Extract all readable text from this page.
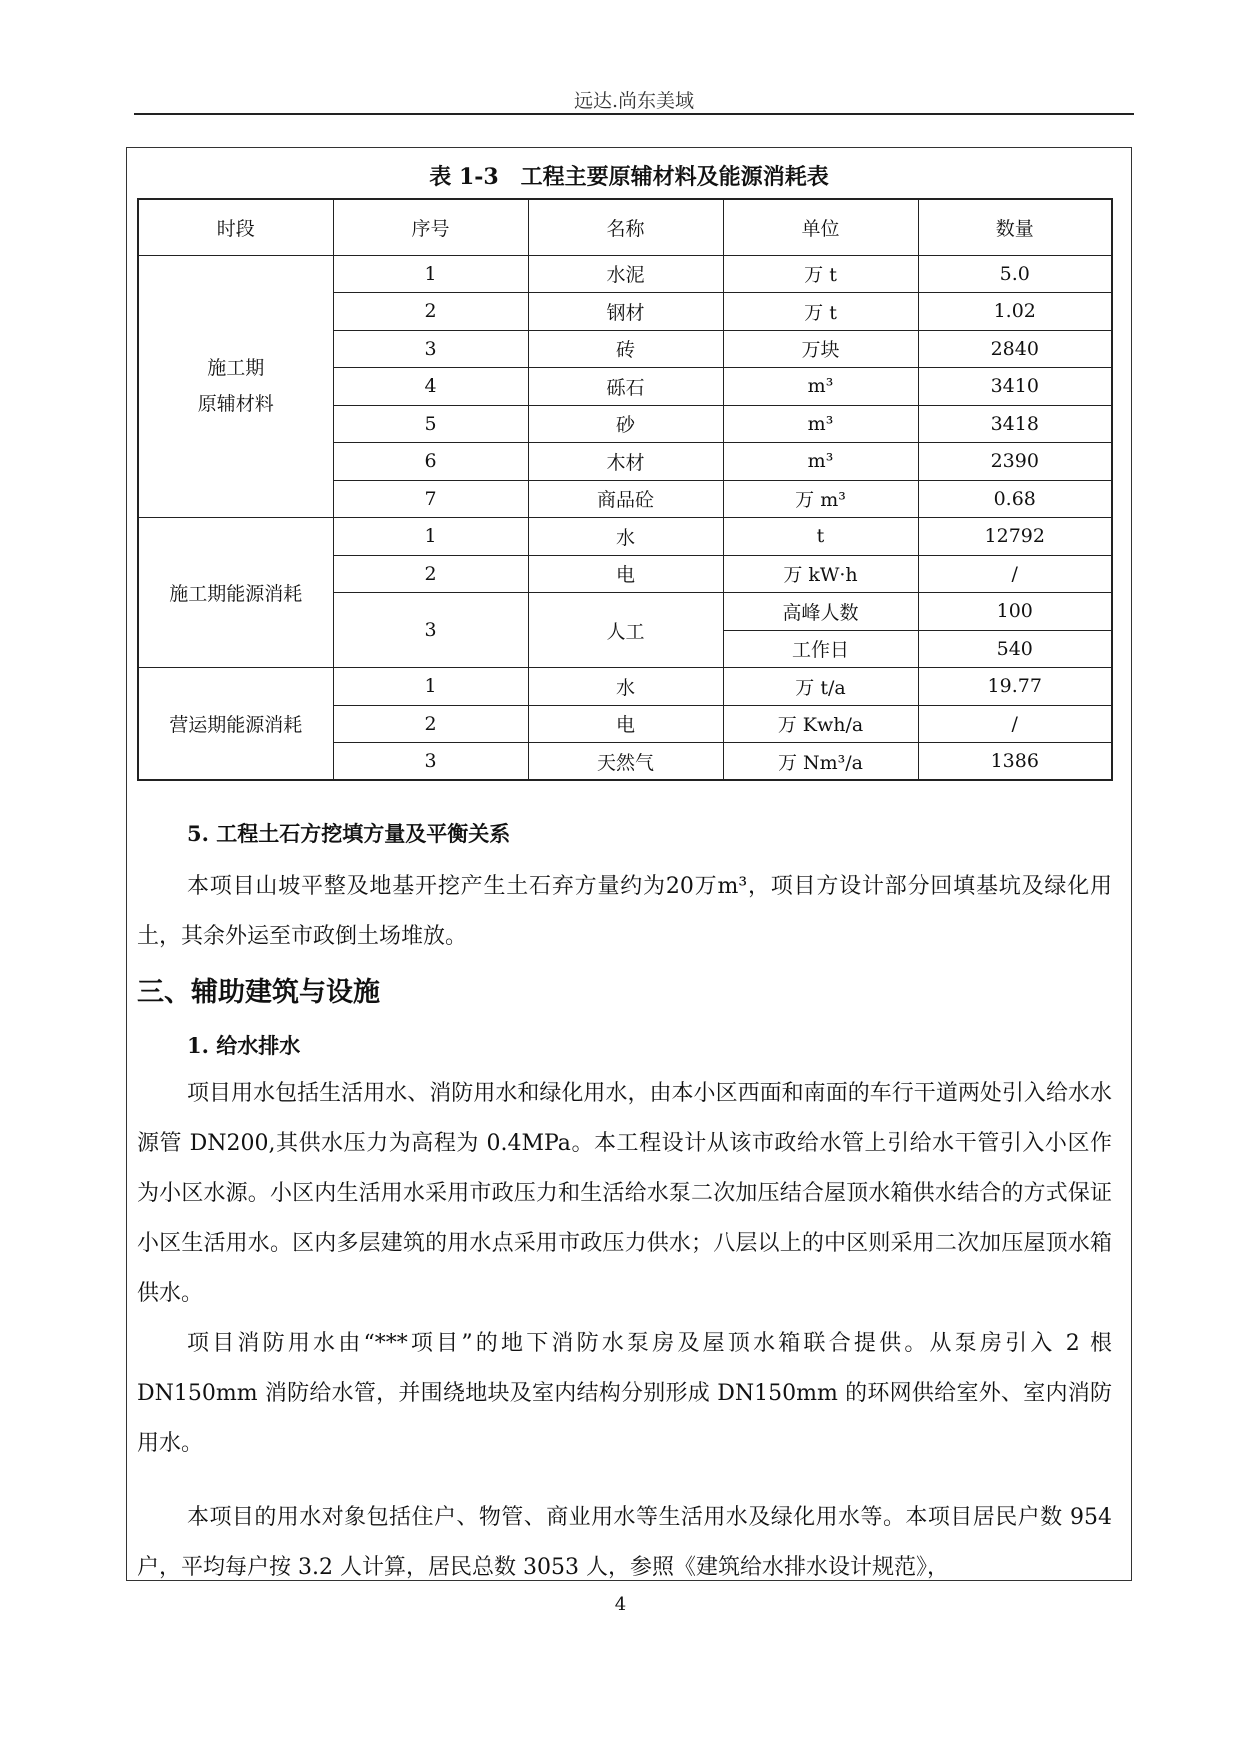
远达.尚东美域
表 1-3　工程主要原辅材料及能源消耗表
时段	序号	名称	单位	数量

施工期
原辅材料	1	水泥	万 t	5.0
	2	钢材	万 t	1.02
	3	砖	万块	2840
	4	砾石	m³	3410
	5	砂	m³	3418
	6	木材	m³	2390
	7	商品砼	万 m³	0.68
施工期能源消耗	1	水	t	12792
	2	电	万 kW·h	/
	3	人工	高峰人数	100
			工作日	540
营运期能源消耗	1	水	万 t/a	19.77
	2	电	万 Kwh/a	/
	3	天然气	万 Nm³/a	1386
5. 工程土石方挖填方量及平衡关系
本项目山坡平整及地基开挖产生土石弃方量约为20万m³，项目方设计部分回填基坑及绿化用土，其余外运至市政倒土场堆放。
三、辅助建筑与设施
1. 给水排水
项目用水包括生活用水、消防用水和绿化用水，由本小区西面和南面的车行干道两处引入给水水源管 DN200,其供水压力为高程为 0.4MPa。本工程设计从该市政给水管上引给水干管引入小区作为小区水源。小区内生活用水采用市政压力和生活给水泵二次加压结合屋顶水箱供水结合的方式保证小区生活用水。区内多层建筑的用水点采用市政压力供水；八层以上的中区则采用二次加压屋顶水箱供水。
项目消防用水由“***项目”的地下消防水泵房及屋顶水箱联合提供。从泵房引入 2 根 DN150mm 消防给水管，并围绕地块及室内结构分别形成 DN150mm 的环网供给室外、室内消防用水。
本项目的用水对象包括住户、物管、商业用水等生活用水及绿化用水等。本项目居民户数 954 户，平均每户按 3.2 人计算，居民总数 3053 人，参照《建筑给水排水设计规范》，
4
